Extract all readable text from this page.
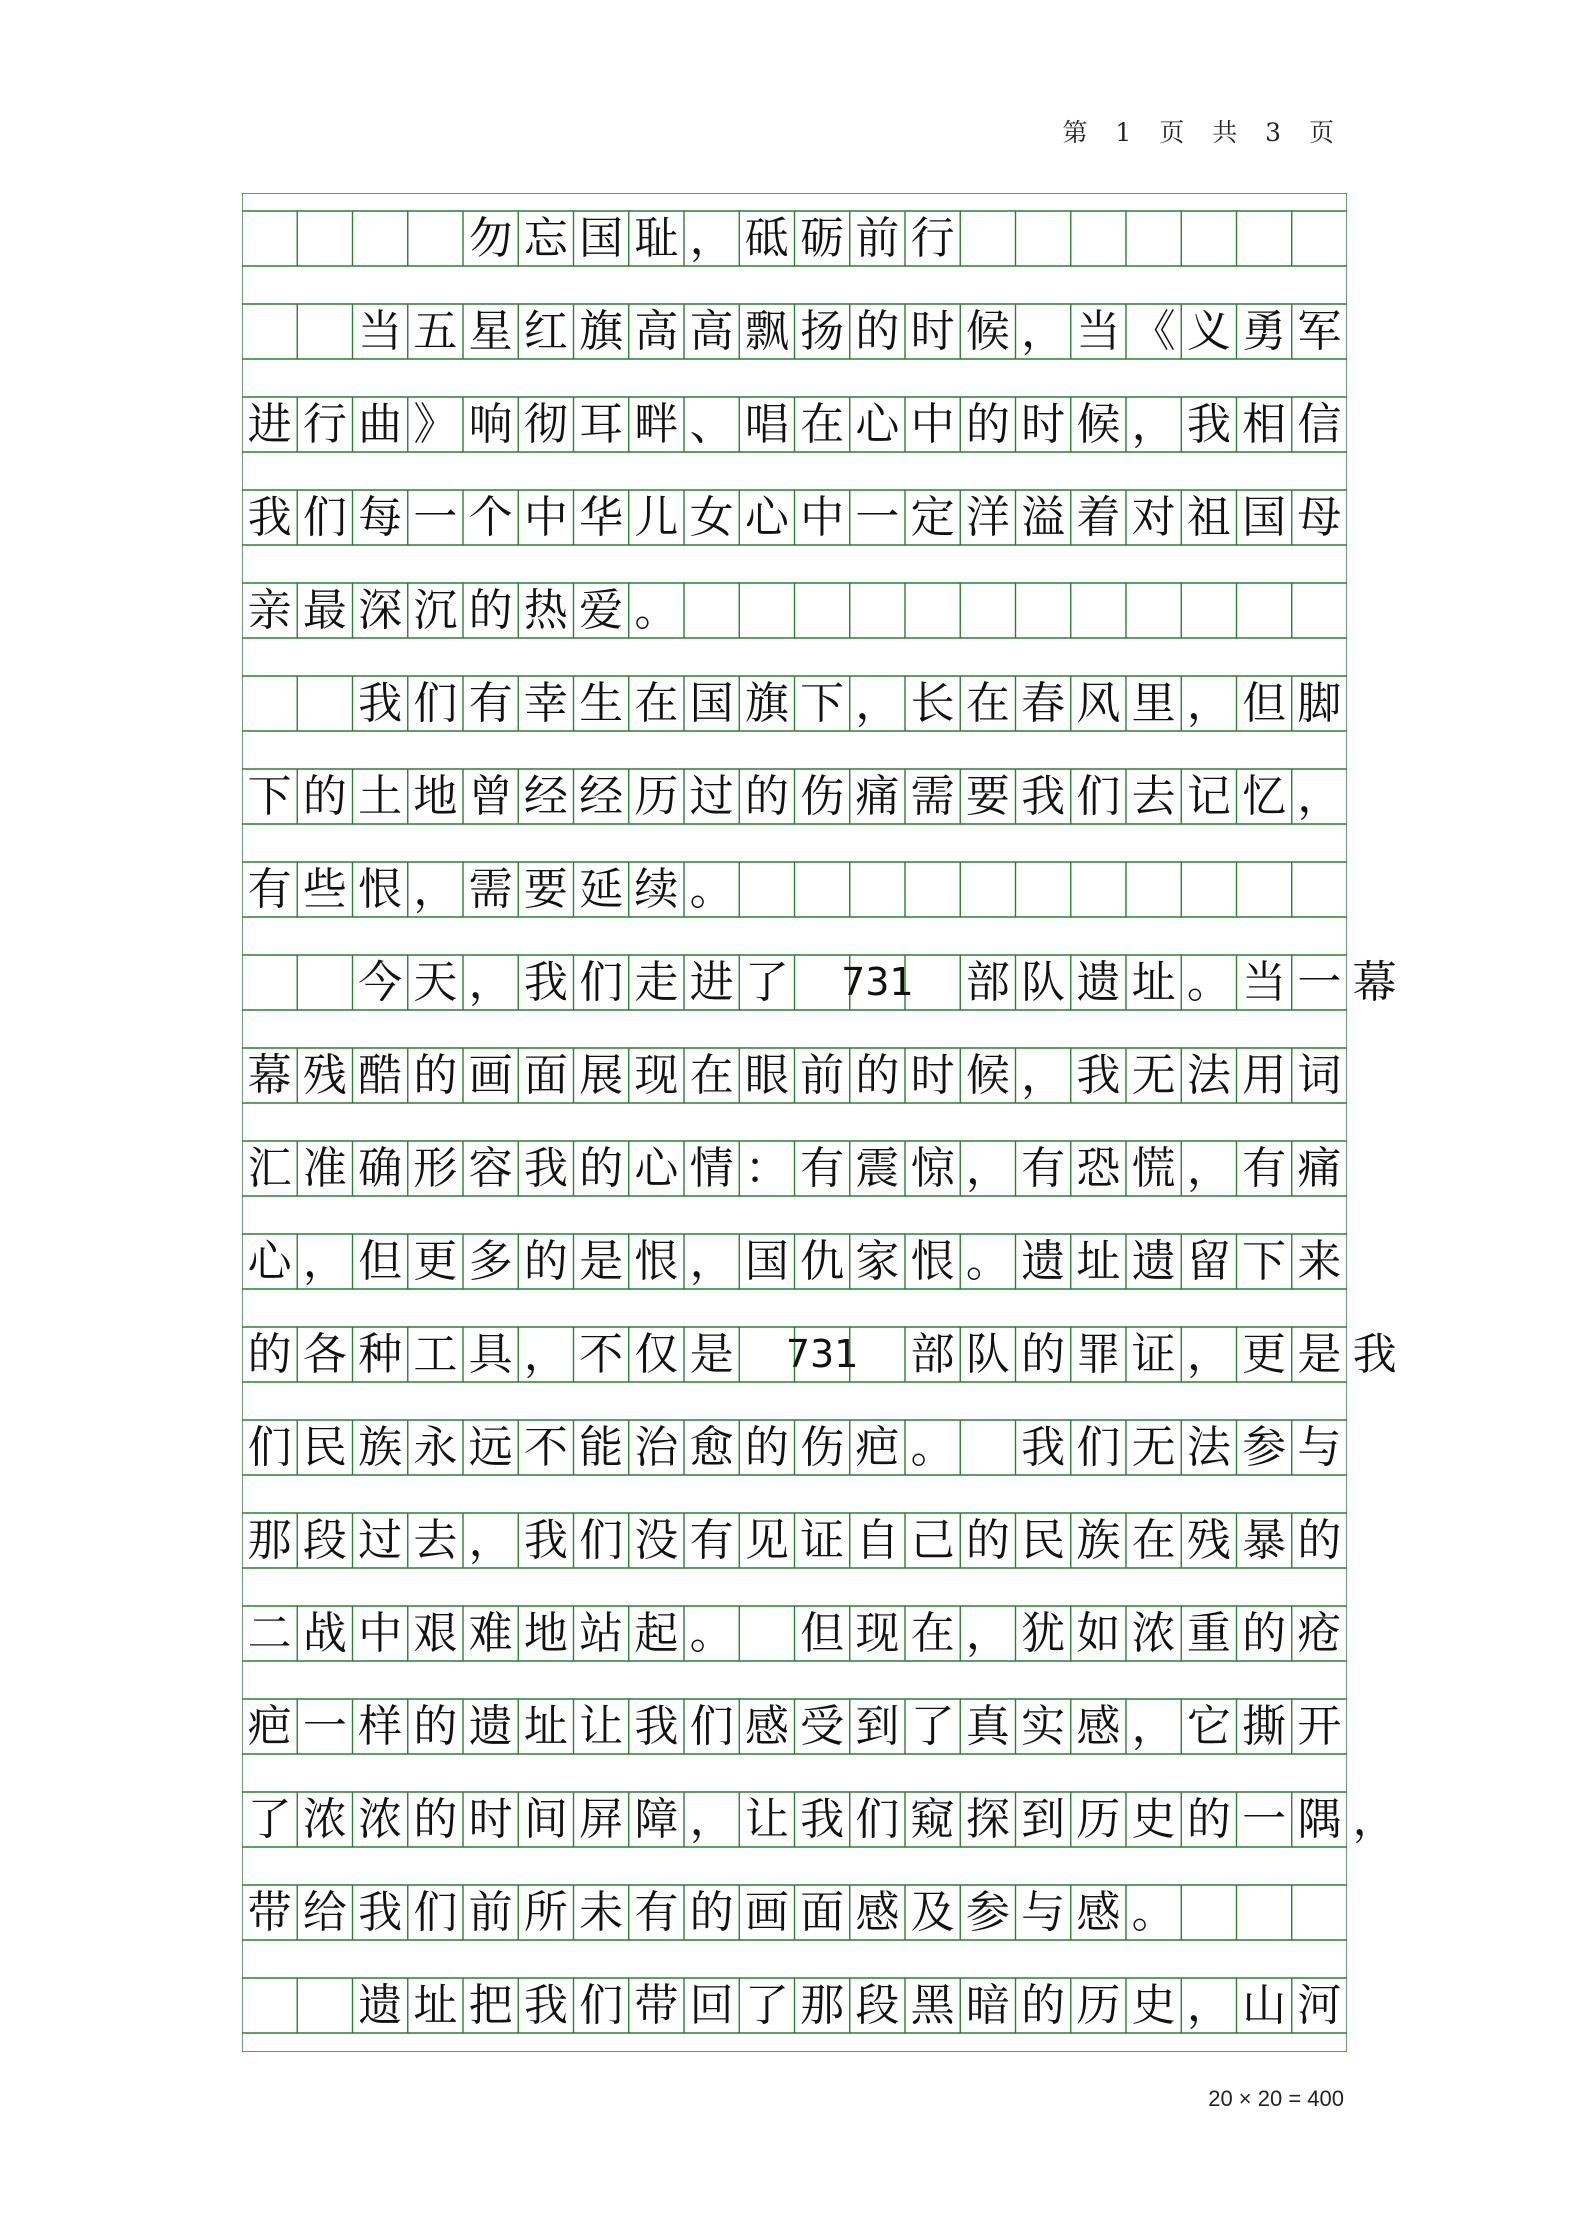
第 1 页 共 3 页
勿 忘 国 耻 ， 砥 砺 前 行
当 五 星 红 旗 高 高 飘 扬 的 时 候 ， 当 《 义 勇 军
进 行 曲 》 响 彻 耳 畔 、 唱 在 心 中 的 时 候 ， 我 相 信
我 们 每 一 个 中 华 儿 女 心 中 一 定 洋 溢 着 对 祖 国 母
亲 最 深 沉 的 热 爱 。
我 们 有 幸 生 在 国 旗 下 ， 长 在 春 风 里 ， 但 脚
下 的 土 地 曾 经 经 历 过 的 伤 痛 需 要 我 们 去 记 忆 ，
有 些 恨 ， 需 要 延 续 。
今 天 ， 我 们 走 进 了 731 部 队 遗 址 。 当 一 幕
幕 残 酷 的 画 面 展 现 在 眼 前 的 时 候 ， 我 无 法 用 词
汇 准 确 形 容 我 的 心 情 ： 有 震 惊 ， 有 恐 慌 ， 有 痛
心 ， 但 更 多 的 是 恨 ， 国 仇 家 恨 。 遗 址 遗 留 下 来
的 各 种 工 具 ， 不 仅 是 731 部 队 的 罪 证 ， 更 是 我
们 民 族 永 远 不 能 治 愈 的 伤 疤 。 我 们 无 法 参 与
那 段 过 去 ， 我 们 没 有 见 证 自 己 的 民 族 在 残 暴 的
二 战 中 艰 难 地 站 起 。 但 现 在 ， 犹 如 浓 重 的 疮
疤 一 样 的 遗 址 让 我 们 感 受 到 了 真 实 感 ， 它 撕 开
了 浓 浓 的 时 间 屏 障 ， 让 我 们 窥 探 到 历 史 的 一 隅 ，
带 给 我 们 前 所 未 有 的 画 面 感 及 参 与 感 。
遗 址 把 我 们 带 回 了 那 段 黑 暗 的 历 史 ， 山 河
20 × 20 = 400
